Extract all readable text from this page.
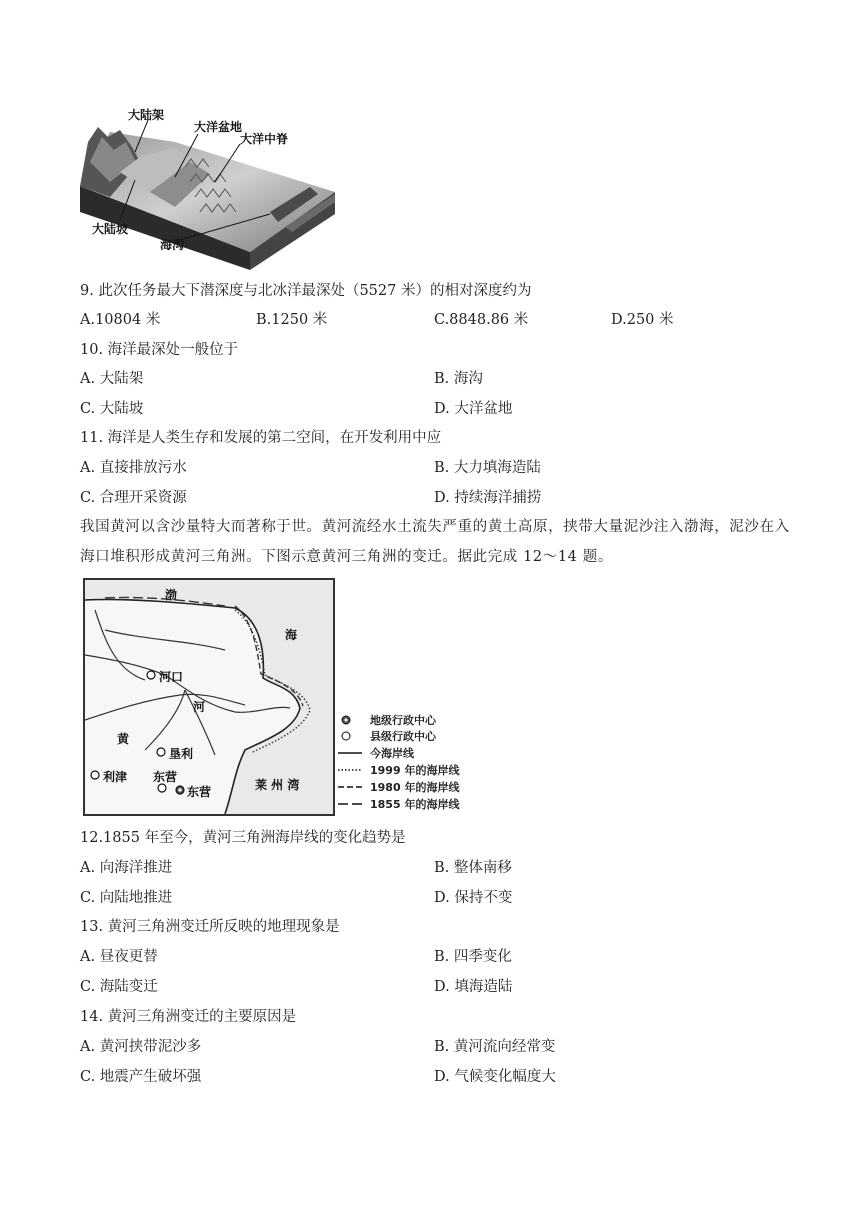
大陆架
大洋盆地
大洋中脊
大陆坡
海沟
9. 此次任务最大下潜深度与北冰洋最深处（5527 米）的相对深度约为
A.10804 米	B.1250 米	C.8848.86 米	D.250 米
10. 海洋最深处一般位于
A. 大陆架	B. 海沟
C. 大陆坡	D. 大洋盆地
11. 海洋是人类生存和发展的第二空间，在开发利用中应
A. 直接排放污水	B. 大力填海造陆
C. 合理开采资源	D. 持续海洋捕捞
我国黄河以含沙量特大而著称于世。黄河流经水土流失严重的黄土高原，挟带大量泥沙注入渤海，泥沙在入海口堆积形成黄河三角洲。下图示意黄河三角洲的变迁。据此完成 12～14 题。
渤
海
河口
河
黄
垦利
利津 东营
东营	莱 州 湾
地级行政中心
县级行政中心
今海岸线
1999 年的海岸线
1980 年的海岸线
1855 年的海岸线
12.1855 年至今，黄河三角洲海岸线的变化趋势是
A. 向海洋推进	B. 整体南移
C. 向陆地推进	D. 保持不变
13. 黄河三角洲变迁所反映的地理现象是
A. 昼夜更替	B. 四季变化
C. 海陆变迁	D. 填海造陆
14. 黄河三角洲变迁的主要原因是
A. 黄河挟带泥沙多	B. 黄河流向经常变
C. 地震产生破坏强	D. 气候变化幅度大
